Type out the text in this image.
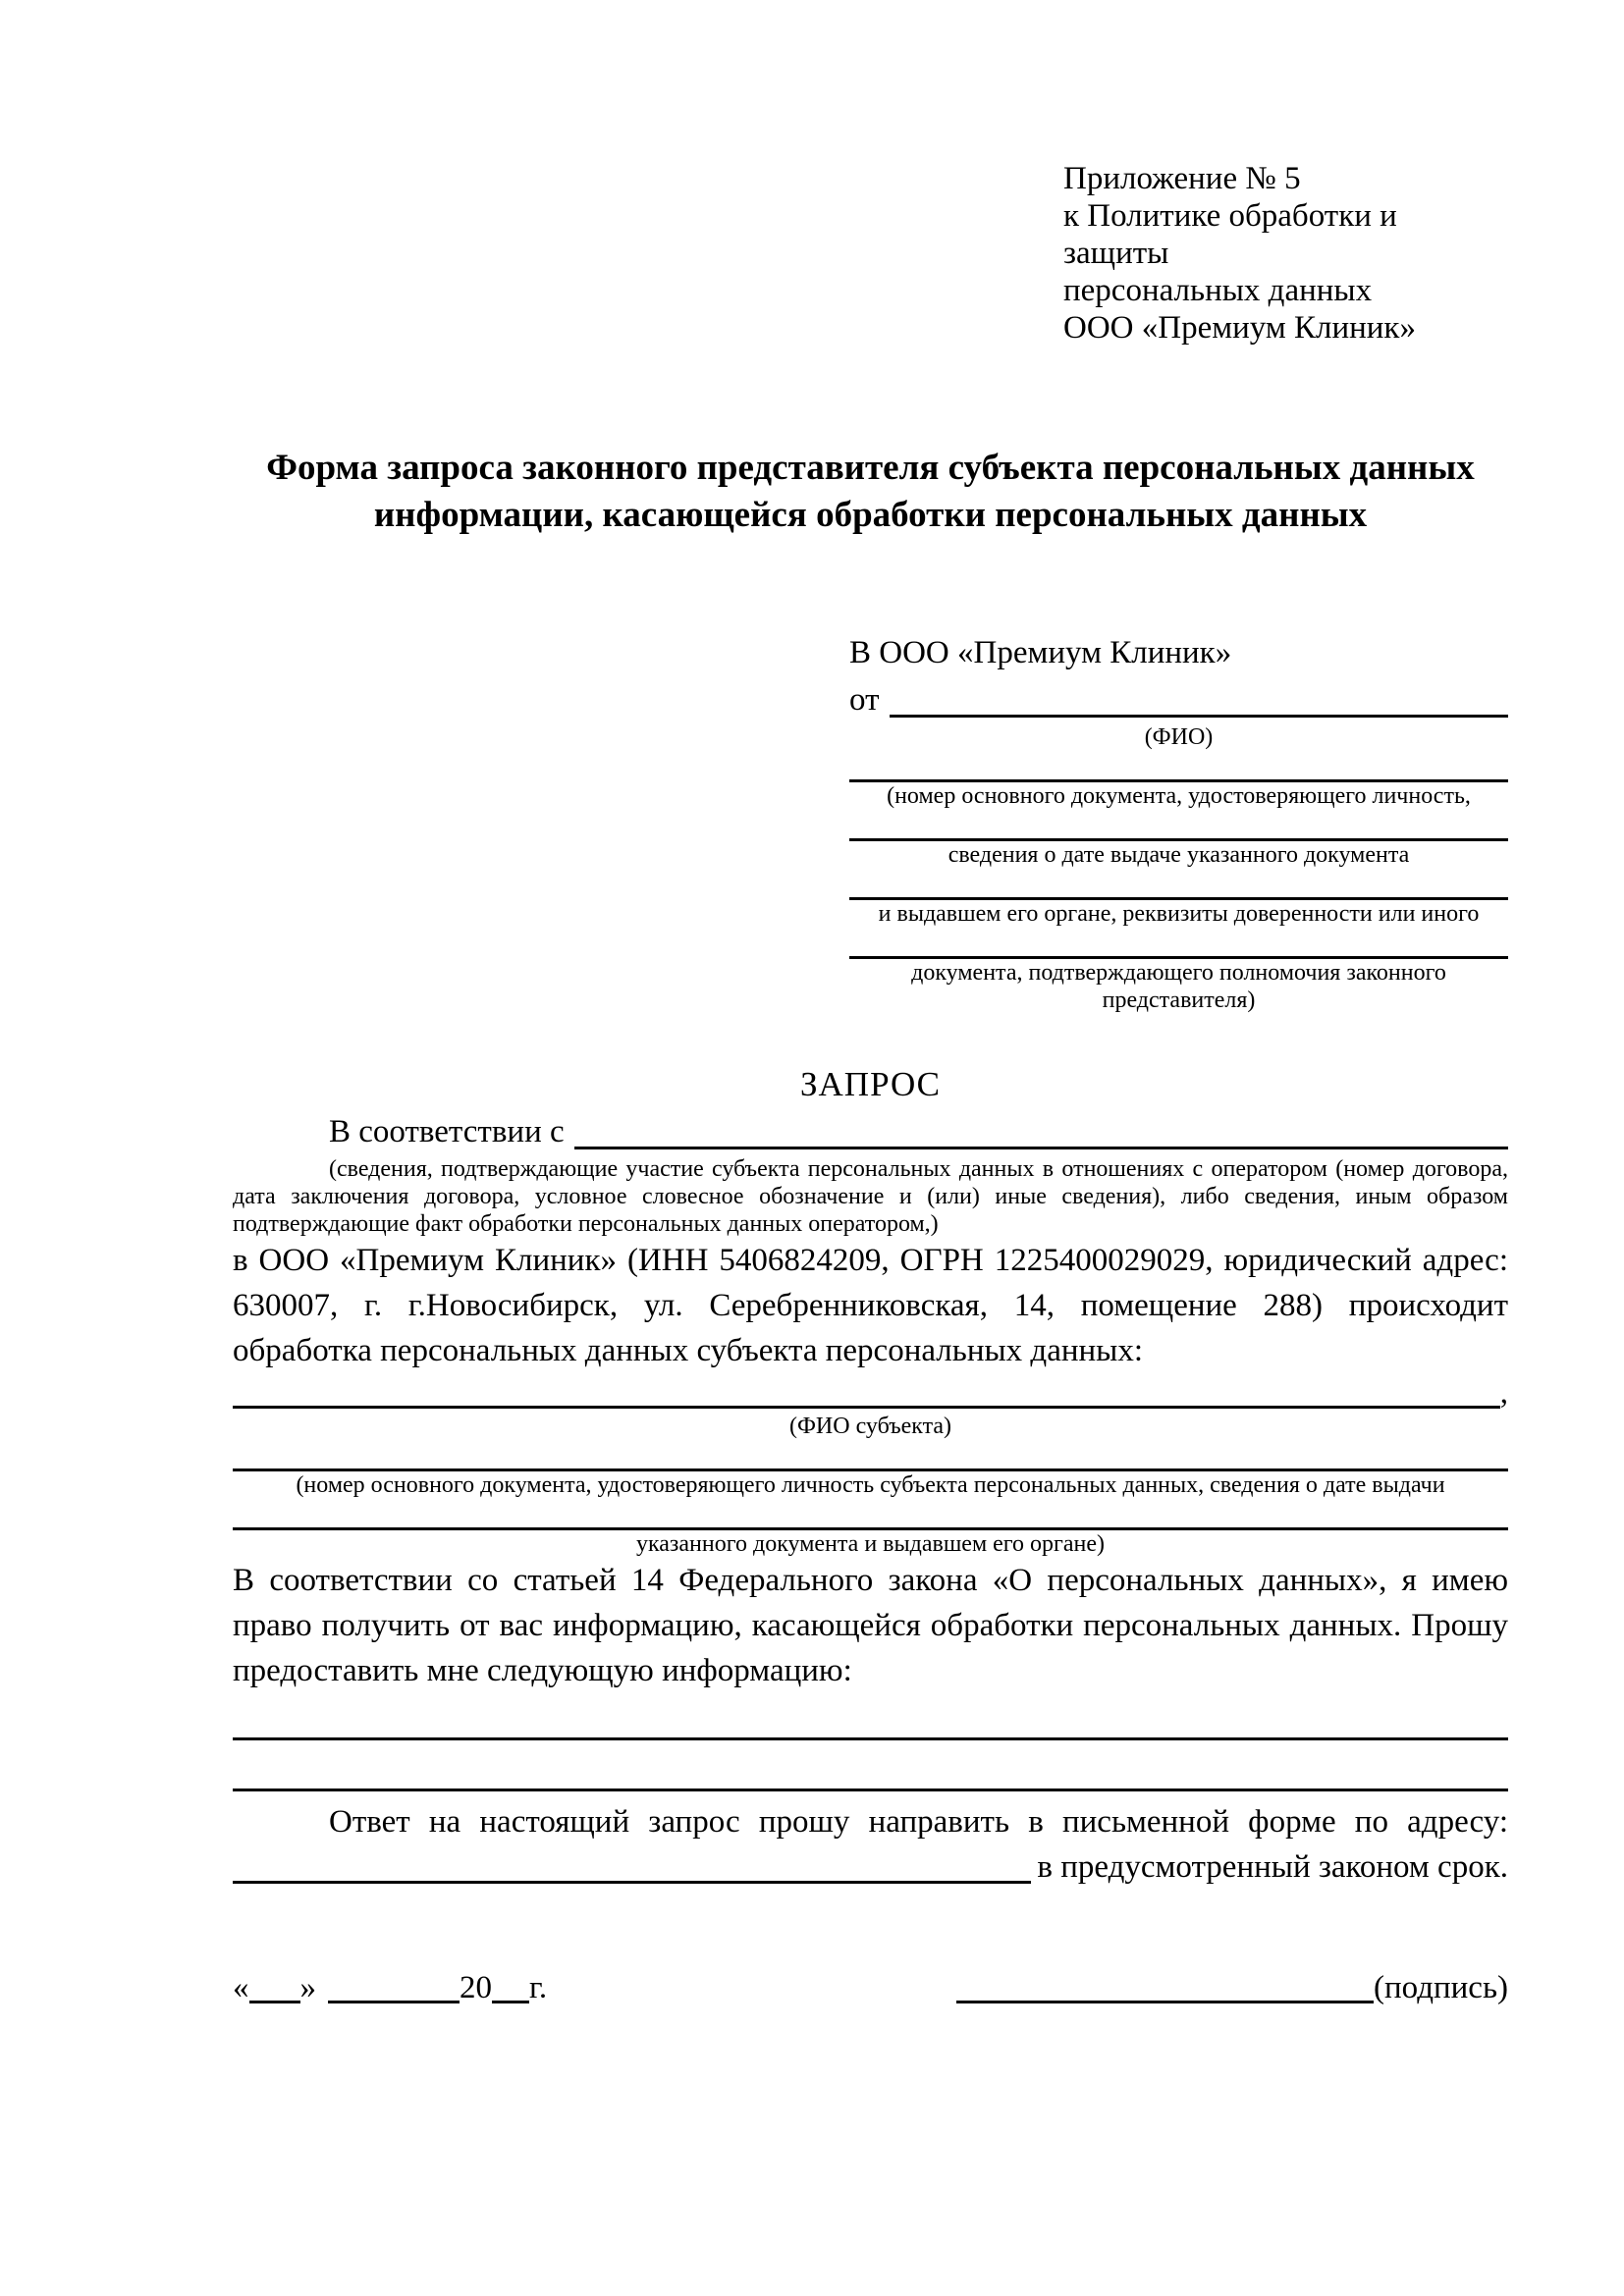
Приложение № 5
к Политике обработки и защиты
персональных данных
ООО «Премиум Клиник»
Форма запроса законного представителя субъекта персональных данных
информации, касающейся обработки персональных данных
В ООО «Премиум Клиник»
от
(ФИО)
(номер основного документа, удостоверяющего личность,
сведения о дате выдаче указанного документа
и выдавшем его органе, реквизиты доверенности или иного
документа, подтверждающего полномочия законного представителя)
ЗАПРОС
В соответствии с

(сведения, подтверждающие участие субъекта персональных данных в отношениях с оператором (номер договора, дата заключения договора, условное словесное обозначение и (или) иные сведения), либо сведения, иным образом подтверждающие факт обработки персональных данных оператором,)

в ООО «Премиум Клиник» (ИНН 5406824209, ОГРН 1225400029029, юридический адрес: 630007, г. г.Новосибирск, ул. Серебренниковская, 14, помещение 288) происходит обработка персональных данных субъекта персональных данных:

,
(ФИО субъекта)
(номер основного документа, удостоверяющего личность субъекта персональных данных, сведения о дате выдачи
указанного документа и выдавшем его органе)

В соответствии со статьей 14 Федерального закона «О персональных данных», я имею право получить от вас информацию, касающейся обработки персональных данных. Прошу предоставить мне следующую информацию:

Ответ на настоящий запрос прошу направить в письменной форме по адресу:

в предусмотренный законом срок.
« »	20 г.	(подпись)
